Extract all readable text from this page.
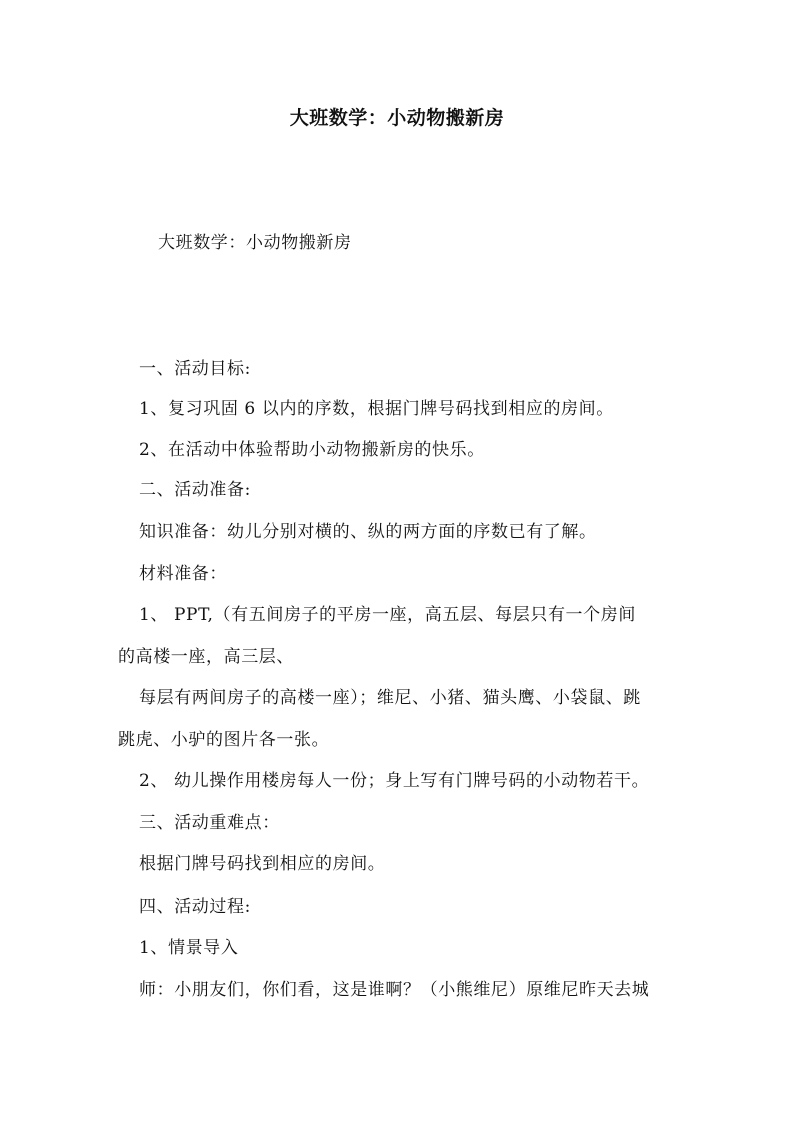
大班数学：小动物搬新房
大班数学：小动物搬新房
一、活动目标:
1、复习巩固 6 以内的序数，根据门牌号码找到相应的房间。
2、在活动中体验帮助小动物搬新房的快乐。
二、活动准备:
知识准备：幼儿分别对横的、纵的两方面的序数已有了解。
材料准备：
1、 PPT,（有五间房子的平房一座，高五层、每层只有一个房间
的高楼一座，高三层、
每层有两间房子的高楼一座）；维尼、小猪、猫头鹰、小袋鼠、跳
跳虎、小驴的图片各一张。
2、 幼儿操作用楼房每人一份；身上写有门牌号码的小动物若干。
三、活动重难点：
根据门牌号码找到相应的房间。
四、活动过程:
1、情景导入
师：小朋友们，你们看，这是谁啊？（小熊维尼）原维尼昨天去城
